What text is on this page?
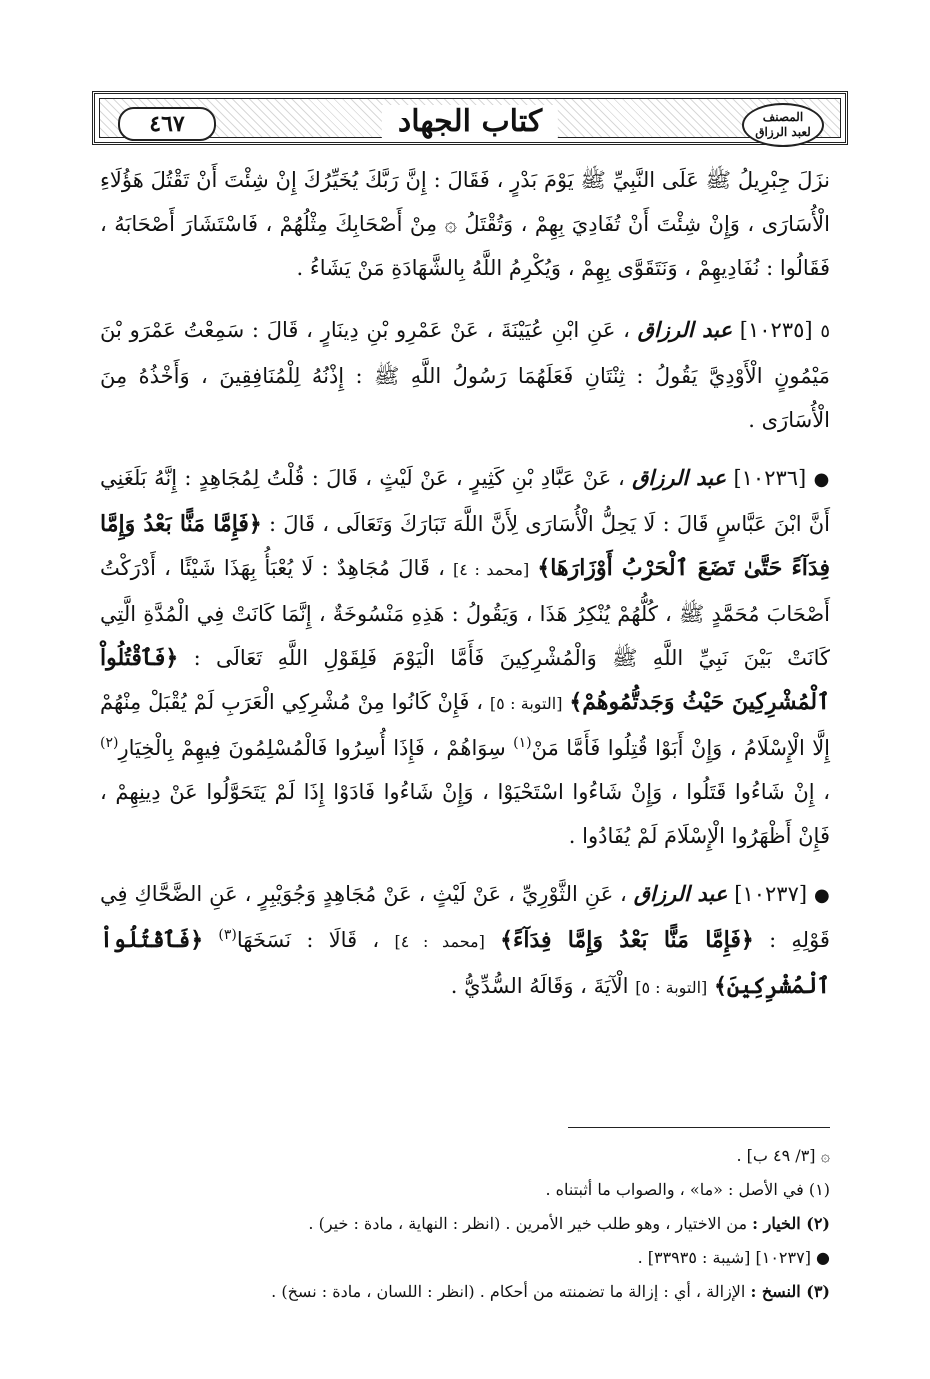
المصنف
لعبد الرزاق
كتاب الجهاد
٤٦٧

نزَلَ جِبْرِيلُ ﷺ عَلَى النَّبِيِّ ﷺ يَوْمَ بَدْرٍ ، فَقَالَ : إِنَّ رَبَّكَ يُخَيِّرُكَ إِنْ شِئْتَ أَنْ تَقْتُلَ هَؤُلَاءِ الْأُسَارَى ، وَإِنْ شِئْتَ أَنْ تُفَادِيَ بِهِمْ ، وَتُقْتَلُ ۞ مِنْ أَصْحَابِكَ مِثْلُهُمْ ، فَاسْتَشَارَ أَصْحَابَهُ ، فَقَالُوا : نُفَادِيهِمْ ، وَنَتَقَوَّى بِهِمْ ، وَيُكْرِمُ اللَّهُ بِالشَّهَادَةِ مَنْ يَشَاءُ .

٥ [١٠٢٣٥] عبد الرزاق ، عَنِ ابْنِ عُيَيْنَةَ ، عَنْ عَمْرِو بْنِ دِينَارٍ ، قَالَ : سَمِعْتُ عَمْرَو بْنَ مَيْمُونٍ الْأَوْدِيَّ يَقُولُ : ثِنْتَانِ فَعَلَهُمَا رَسُولُ اللَّهِ ﷺ : إِذْنُهُ لِلْمُنَافِقِينَ ، وَأَخْذُهُ مِنَ الْأُسَارَى .

● [١٠٢٣٦] عبد الرزاق ، عَنْ عَبَّادِ بْنِ كَثِيرٍ ، عَنْ لَيْثٍ ، قَالَ : قُلْتُ لِمُجَاهِدٍ : إِنَّهُ بَلَغَنِي أَنَّ ابْنَ عَبَّاسٍ قَالَ : لَا يَحِلُّ الْأُسَارَى لِأَنَّ اللَّهَ تَبَارَكَ وَتَعَالَى ، قَالَ : ﴿فَإِمَّا مَنًّا بَعْدُ وَإِمَّا فِدَآءً حَتَّىٰ تَضَعَ ٱلْحَرْبُ أَوْزَارَهَا﴾ [محمد : ٤] ، قَالَ مُجَاهِدٌ : لَا يُعْبَأُ بِهَذَا شَيْئًا ، أَدْرَكْتُ أَصْحَابَ مُحَمَّدٍ ﷺ ، كُلُّهُمْ يُنْكِرُ هَذَا ، وَيَقُولُ : هَذِهِ مَنْسُوخَةٌ ، إِنَّمَا كَانَتْ فِي الْمُدَّةِ الَّتِي كَانَتْ بَيْنَ نَبِيِّ اللَّهِ ﷺ وَالْمُشْرِكِينَ فَأَمَّا الْيَوْمَ فَلِقَوْلِ اللَّهِ تَعَالَى : ﴿فَٱقْتُلُواْ ٱلْمُشْرِكِينَ حَيْثُ وَجَدتُّمُوهُمْ﴾ [التوبة : ٥] ، فَإِنْ كَانُوا مِنْ مُشْرِكِي الْعَرَبِ لَمْ يُقْبَلْ مِنْهُمْ إِلَّا الْإِسْلَامُ ، وَإِنْ أَبَوْا قُتِلُوا فَأَمَّا مَنْ$^{(١)}$ سِوَاهُمْ ، فَإِذَا أُسِرُوا فَالْمُسْلِمُونَ فِيهِمْ بِالْخِيَارِ$^{(٢)}$ ، إِنْ شَاءُوا قَتَلُوا ، وَإِنْ شَاءُوا اسْتَحْيَوْا ، وَإِنْ شَاءُوا فَادَوْا إِذَا لَمْ يَتَحَوَّلُوا عَنْ دِينِهِمْ ، فَإِنْ أَظْهَرُوا الْإِسْلَامَ لَمْ يُفَادُوا .

● [١٠٢٣٧] عبد الرزاق ، عَنِ الثَّوْرِيِّ ، عَنْ لَيْثٍ ، عَنْ مُجَاهِدٍ وَجُوَيْبِرٍ ، عَنِ الضَّحَّاكِ فِي قَوْلِهِ : ﴿فَإِمَّا مَنًّا بَعْدُ وَإِمَّا فِدَآءً﴾ [محمد : ٤] ، قَالَا : نَسَخَهَا$^{(٣)}$ ﴿فَٱقْتُلُواْ ٱلْمُشْرِكِينَ﴾ [التوبة : ٥] الْآيَةَ ، وَقَالَهُ السُّدِّيُّ .

۞ [٣/ ٤٩ ب] .
(١) في الأصل : «ما» ، والصواب ما أثبتناه .
(٢) الخيار : من الاختيار ، وهو طلب خير الأمرين . (انظر : النهاية ، مادة : خير) .
● [١٠٢٣٧] [شيبة : ٣٣٩٣٥] .
(٣) النسخ : الإزالة ، أي : إزالة ما تضمنته من أحكام . (انظر : اللسان ، مادة : نسخ) .
